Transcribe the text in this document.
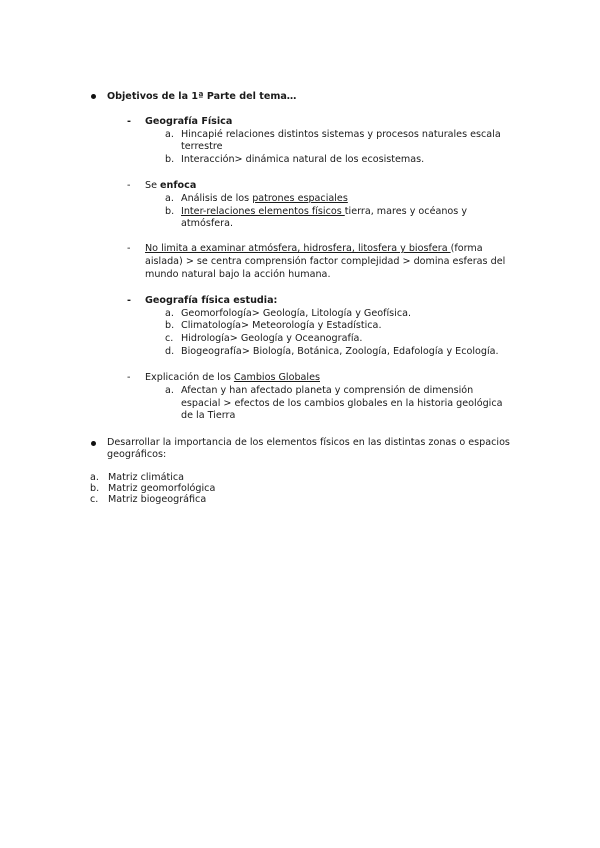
Objetivos de la 1ª Parte del tema…
- Geografía Física
a. Hincapié relaciones distintos sistemas y procesos naturales escala
terrestre
b. Interacción> dinámica natural de los ecosistemas.
- Se enfoca
a. Análisis de los patrones espaciales
b. Inter-relaciones elementos físicos tierra, mares y océanos y
atmósfera.
- No limita a examinar atmósfera, hidrosfera, litosfera y biosfera (forma
aislada) > se centra comprensión factor complejidad > domina esferas del
mundo natural bajo la acción humana.
- Geografía física estudia:
a. Geomorfología> Geología, Litología y Geofísica.
b. Climatología> Meteorología y Estadística.
c. Hidrología> Geología y Oceanografía.
d. Biogeografía> Biología, Botánica, Zoología, Edafología y Ecología.
- Explicación de los Cambios Globales
a. Afectan y han afectado planeta y comprensión de dimensión
espacial > efectos de los cambios globales en la historia geológica
de la Tierra
Desarrollar la importancia de los elementos físicos en las distintas zonas o espacios
geográficos:
a. Matriz climática
b. Matriz geomorfológica
c. Matriz biogeográfica
